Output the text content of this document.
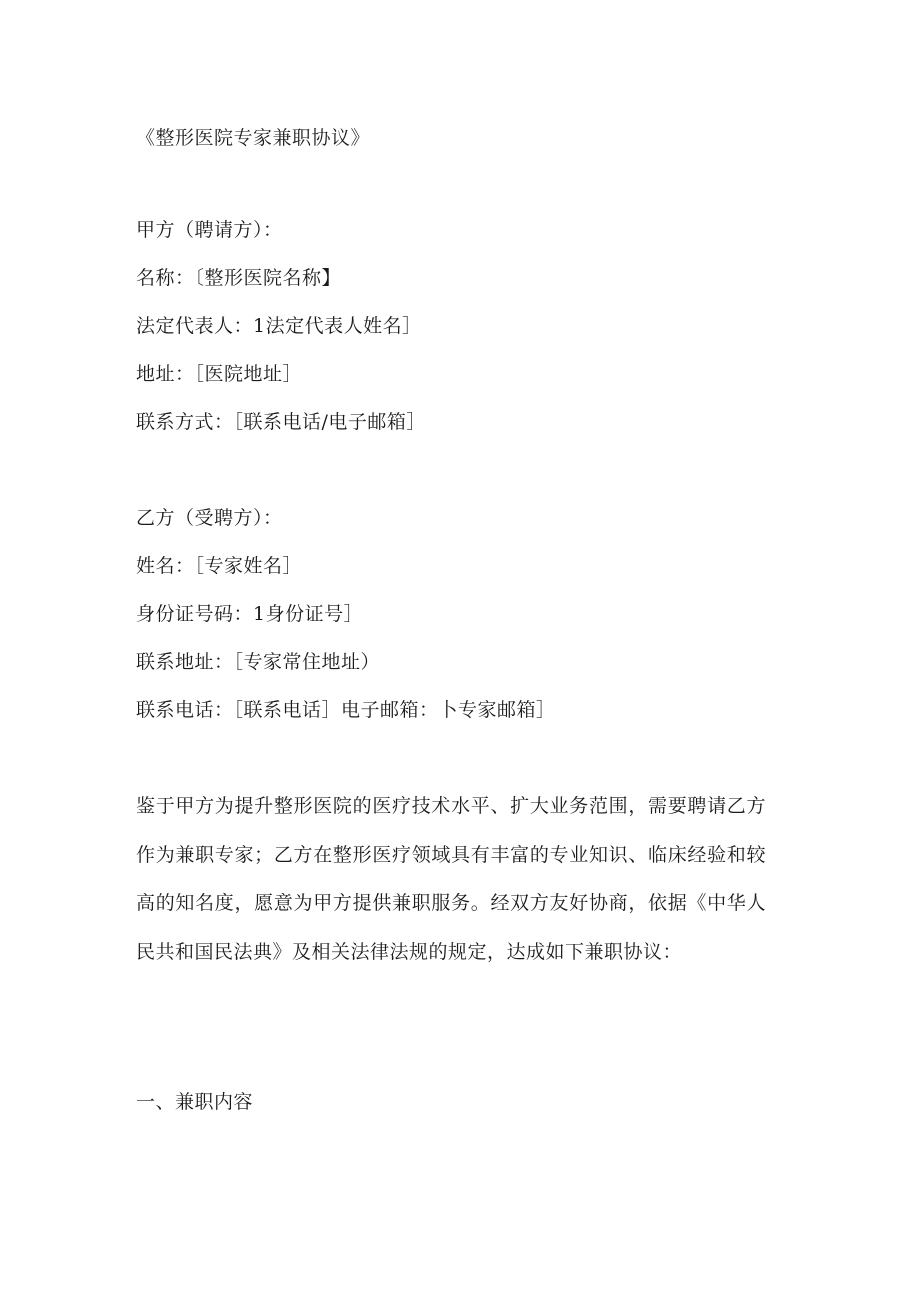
《整形医院专家兼职协议》
甲方（聘请方）：
名称：〔整形医院名称】
法定代表人：1法定代表人姓名］
地址：［医院地址］
联系方式：［联系电话/电子邮箱］
乙方（受聘方）：
姓名：［专家姓名］
身份证号码：1身份证号］
联系地址：［专家常住地址）
联系电话：［联系电话］电子邮箱：卜专家邮箱］
鉴于甲方为提升整形医院的医疗技术水平、扩大业务范围，需要聘请乙方作为兼职专家；乙方在整形医疗领域具有丰富的专业知识、临床经验和较高的知名度，愿意为甲方提供兼职服务。经双方友好协商，依据《中华人民共和国民法典》及相关法律法规的规定，达成如下兼职协议：
一、兼职内容
